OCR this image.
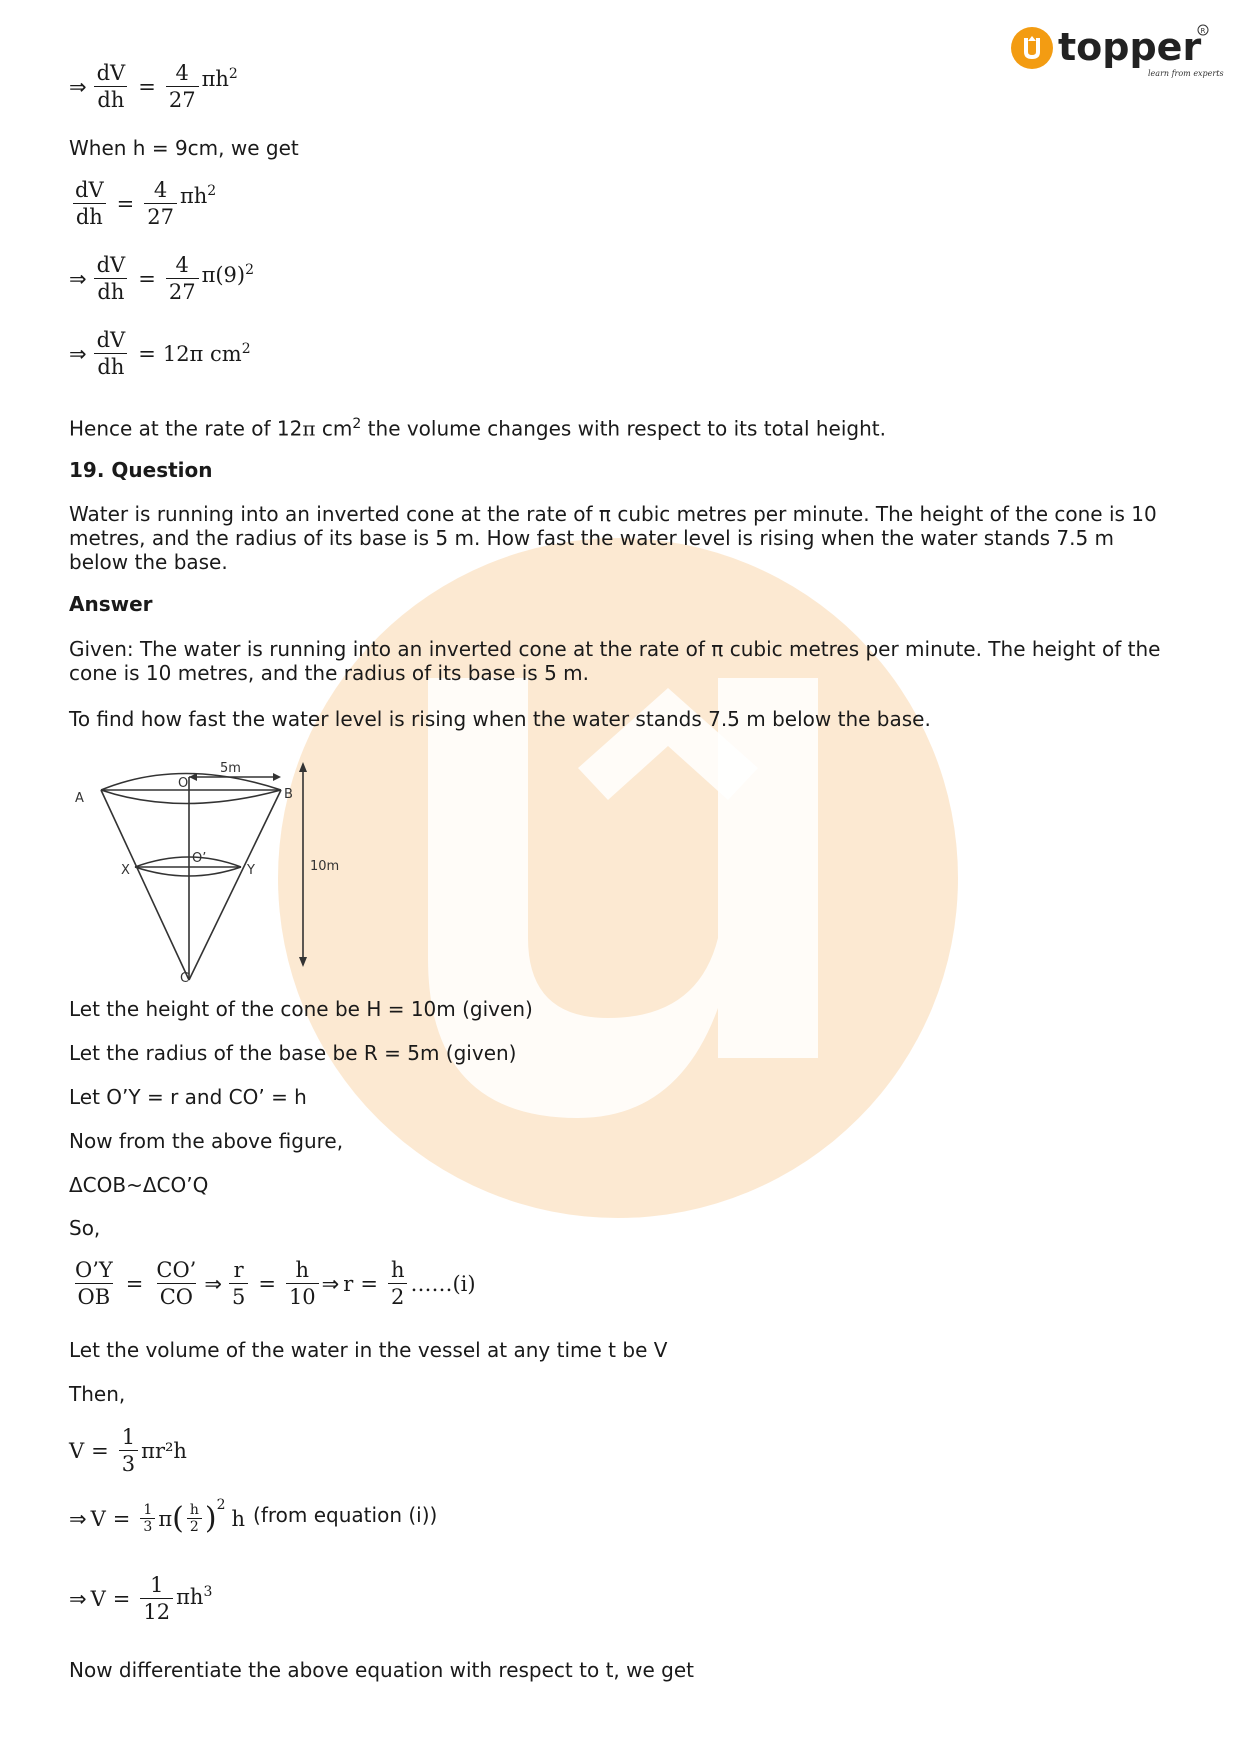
topper
learn from experts
R
⇒ $\frac{dV}{dh} = \frac{4}{27} \pi h^2$

When h = 9cm, we get

$\frac{dV}{dh} = \frac{4}{27} \pi h^2$
⇒ $\frac{dV}{dh} = \frac{4}{27} \pi(9)^2$
⇒ $\frac{dV}{dh} = 12\pi$ $cm^2$

Hence at the rate of 12π $cm^2$ the volume changes with respect to its total height.

19. Question

Water is running into an inverted cone at the rate of π cubic metres per minute. The height of the cone is 10 metres, and the radius of its base is 5 m. How fast the water level is rising when the water stands 7.5 m below the base.

Answer

Given: The water is running into an inverted cone at the rate of π cubic metres per minute. The height of the cone is 10 metres, and the radius of its base is 5 m.

To find how fast the water level is rising when the water stands 7.5 m below the base.

A	B
O
O’
X	Y
C
5m
10m

Let the height of the cone be H = 10m (given)

Let the radius of the base be R = 5m (given)

Let O’Y = r and CO’ = h

Now from the above figure,

ΔCOB~ΔCO’Q

So,

$\frac{O’Y}{OB} = \frac{CO’}{CO}$ ⇒ $\frac{r}{5} = \frac{h}{10}$ ⇒ $r = \frac{h}{2}$ ……(i)

Let the volume of the water in the vessel at any time t be V

Then,

$V = \frac{1}{3} \pi r^2h$
⇒ $V = \frac{1}{3}$ π ( $\frac{h}{2} )^2$
h (from equation (i))
⇒ $V = \frac{1}{12} \pi h^3$

Now differentiate the above equation with respect to t, we get
